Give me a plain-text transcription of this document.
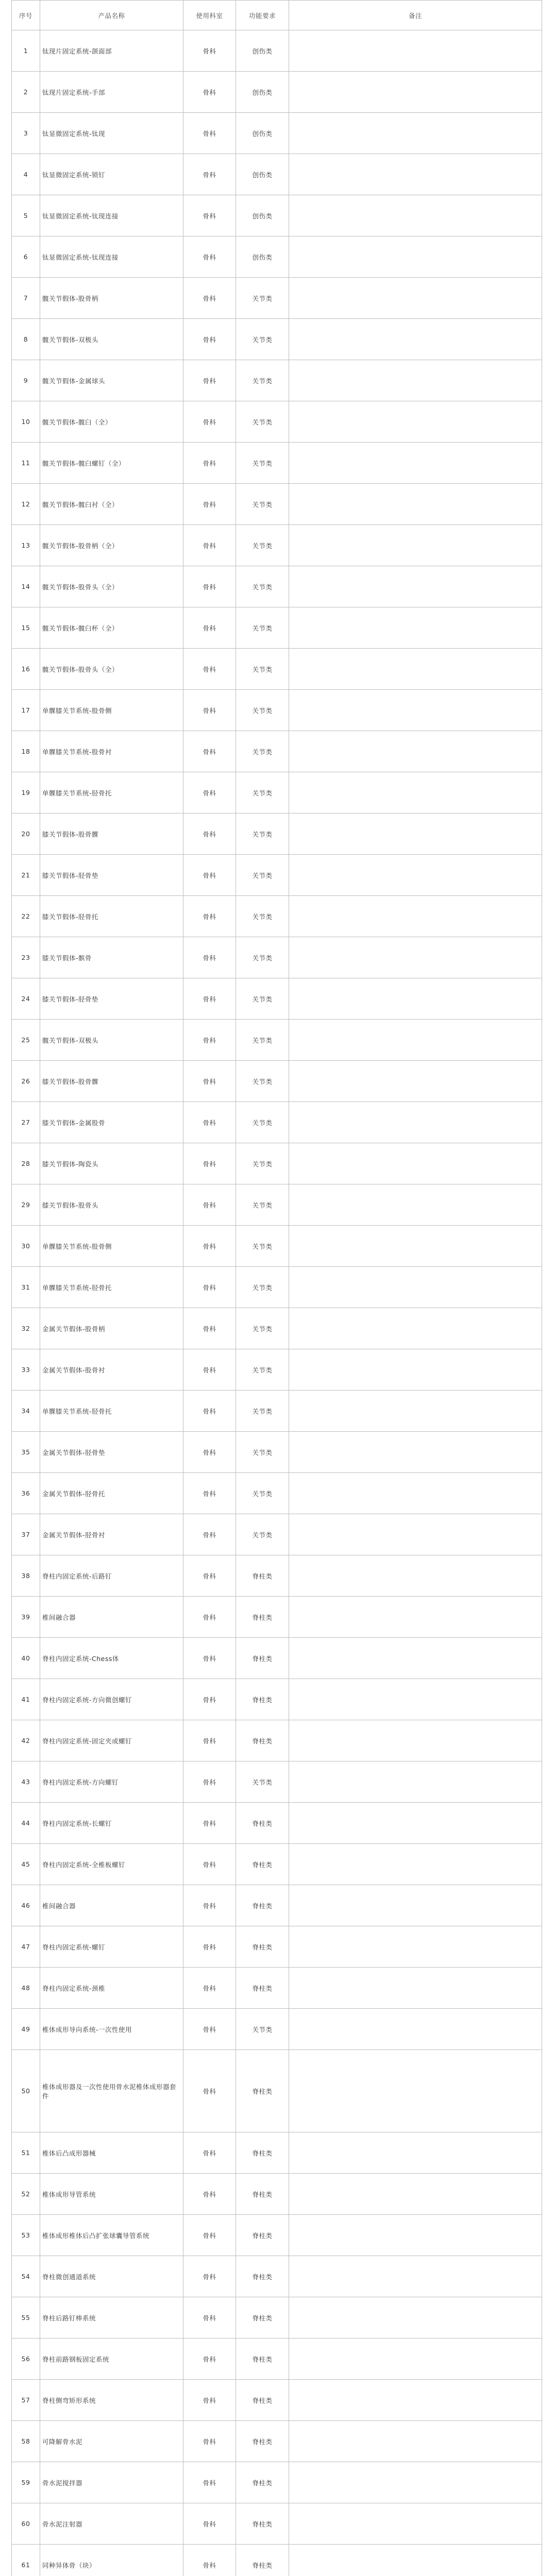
序号	产品名称	使用科室	功能要求	备注
1	钛现片固定系统-颌面部	骨科	创伤类	
2	钛现片固定系统-手部	骨科	创伤类	
3	钛显微固定系统-钛现	骨科	创伤类	
4	钛显微固定系统-锁钉	骨科	创伤类	
5	钛显微固定系统-钛现连接	骨科	创伤类	
6	钛显微固定系统-钛现连接	骨科	创伤类	
7	髋关节假体-股骨柄	骨科	关节类	
8	髋关节假体-双极头	骨科	关节类	
9	髋关节假体-金属球头	骨科	关节类	
10	髋关节假体-髋臼（全）	骨科	关节类	
11	髋关节假体-髋臼螺钉（全）	骨科	关节类	
12	髋关节假体-髋臼衬（全）	骨科	关节类	
13	髋关节假体-股骨柄（全）	骨科	关节类	
14	髋关节假体-股骨头（全）	骨科	关节类	
15	髋关节假体-髋臼杯（全）	骨科	关节类	
16	髋关节假体-股骨头（全）	骨科	关节类	
17	单髁膝关节系统-股骨侧	骨科	关节类	
18	单髁膝关节系统-股骨衬	骨科	关节类	
19	单髁膝关节系统-胫骨托	骨科	关节类	
20	膝关节假体-股骨髁	骨科	关节类	
21	膝关节假体-胫骨垫	骨科	关节类	
22	膝关节假体-胫骨托	骨科	关节类	
23	膝关节假体-髌骨	骨科	关节类	
24	膝关节假体-胫骨垫	骨科	关节类	
25	髋关节假体-双极头	骨科	关节类	
26	膝关节假体-股骨髁	骨科	关节类	
27	膝关节假体-金属股骨	骨科	关节类	
28	膝关节假体-陶瓷头	骨科	关节类	
29	膝关节假体-股骨头	骨科	关节类	
30	单髁膝关节系统-股骨侧	骨科	关节类	
31	单髁膝关节系统-胫骨托	骨科	关节类	
32	金属关节假体-股骨柄	骨科	关节类	
33	金属关节假体-股骨衬	骨科	关节类	
34	单髁膝关节系统-胫骨托	骨科	关节类	
35	金属关节假体-胫骨垫	骨科	关节类	
36	金属关节假体-胫骨托	骨科	关节类	
37	金属关节假体-胫骨衬	骨科	关节类	
38	脊柱内固定系统-后路钉	骨科	脊柱类	
39	椎间融合器	骨科	脊柱类	
40	脊柱内固定系统-Chess体	骨科	脊柱类	
41	脊柱内固定系统-方向微创螺钉	骨科	脊柱类	
42	脊柱内固定系统-固定夹或螺钉	骨科	脊柱类	
43	脊柱内固定系统-方向螺钉	骨科	关节类	
44	脊柱内固定系统-长螺钉	骨科	脊柱类	
45	脊柱内固定系统-全椎板螺钉	骨科	脊柱类	
46	椎间融合器	骨科	脊柱类	
47	脊柱内固定系统-螺钉	骨科	脊柱类	
48	脊柱内固定系统-颈椎	骨科	脊柱类	
49	椎体成形导向系统-一次性使用	骨科	关节类	
50	椎体成形器及一次性使用骨水泥椎体成形器套件	骨科	脊柱类	
51	椎体后凸成形器械	骨科	脊柱类	
52	椎体成形导管系统	骨科	脊柱类	
53	椎体成形椎体后凸扩张球囊导管系统	骨科	脊柱类	
54	脊柱微创通道系统	骨科	脊柱类	
55	脊柱后路钉棒系统	骨科	脊柱类	
56	脊柱前路钢板固定系统	骨科	脊柱类	
57	脊柱侧弯矫形系统	骨科	脊柱类	
58	可降解骨水泥	骨科	脊柱类	
59	骨水泥搅拌器	骨科	脊柱类	
60	骨水泥注射器	骨科	脊柱类	
61	同种异体骨（块）	骨科	脊柱类	
